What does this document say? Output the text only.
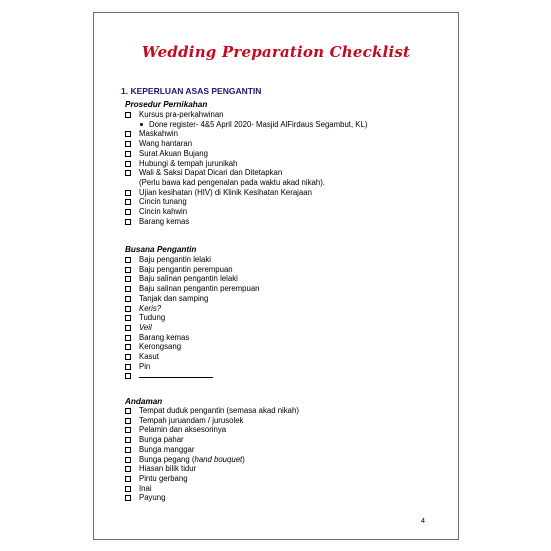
Wedding Preparation Checklist
1. KEPERLUAN ASAS PENGANTIN
Prosedur Pernikahan
Kursus pra-perkahwinan
Done register- 4&5 April 2020- Masjid AlFirdaus Segambut, KL)
Maskahwin
Wang hantaran
Surat Akuan Bujang
Hubungi & tempah jurunikah
Wali & Saksi Dapat Dicari dan Ditetapkan
(Perlu bawa kad pengenalan pada waktu akad nikah).
Ujian kesihatan (HIV) di Klinik Kesihatan Kerajaan
Cincin tunang
Cincin kahwin
Barang kemas
Busana Pengantin
Baju pengantin lelaki
Baju pengantin perempuan
Baju salinan pengantin lelaki
Baju salinan pengantin perempuan
Tanjak dan samping
Keris?
Tudung
Veil
Barang kemas
Kerongsang
Kasut
Pin
Andaman
Tempat duduk pengantin (semasa akad nikah)
Tempah juruandam / jurusolek
Pelamin dan aksesorinya
Bunga pahar
Bunga manggar
Bunga pegang (hand bouquet)
Hiasan bilik tidur
Pintu gerbang
Inai
Payung
4
